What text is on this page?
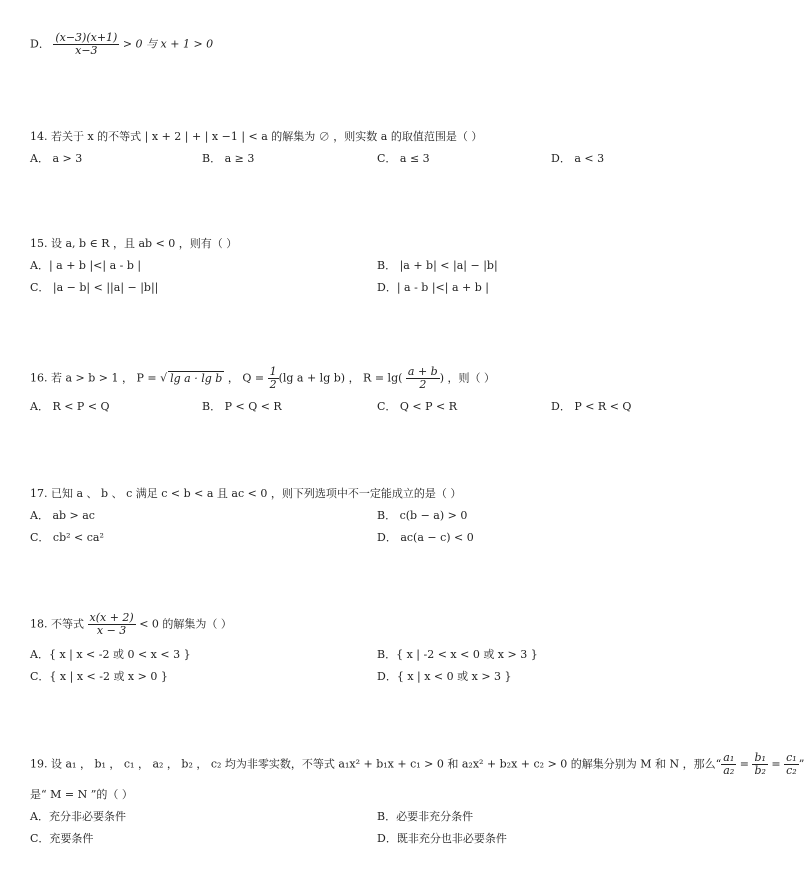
D． $\frac{(x-3)(x+1)}{x-3} > 0$ 与 x + 1 > 0
14. 若关于 x 的不等式 | x + 2 | + | x −1 | < a 的解集为 ∅ ，则实数 a 的取值范围是（ ）
A． a > 3	B． a ≥ 3	C． a ≤ 3	D． a < 3
15. 设 a, b ∈ R ，且 ab < 0 ，则有（ ）
A．| a + b |<| a - b |	B． |a + b| < |a| − |b|
C． |a − b| < ||a| − |b||	D．| a - b |<| a + b |
16. 若 a > b > 1 ， P = √ lg a · lg b ， $Q = \frac{1}{2} (\lg$ a + lg b) ， $R = \lg( \frac{a + b}{2}$ ) ，则（ ）
A． R < P < Q	B． P < Q < R	C． Q < P < R	D． P < R < Q
17. 已知 a 、 b 、 c 满足 c < b < a 且 ac < 0 ，则下列选项中不一定能成立的是（ ）
A． ab > ac	B． c(b − a) > 0
C． cb² < ca²	D． ac(a − c) < 0
18. 不等式 $\frac{x(x + 2)}{x - 3} < 0$ 的解集为（ ）
A．{ x | x < -2 或 0 < x < 3 }	B．{ x | -2 < x < 0 或 x > 3 }
C．{ x | x < -2 或 x > 0 }	D．{ x | x < 0 或 x > 3 }
19. 设 a₁ ， b₁ ， c₁ ， a₂ ， b₂ ， c₂ 均为非零实数，不等式 a₁x² + b₁x + c₁ > 0 和 a₂x² + b₂x + c₂ > 0 的解集分别为 M 和 N ，那么“ $\frac{\text{a₁}}{\text{a₂}} = \frac{\text{b₁}}{\text{b₂}} = \frac{\text{c₁}}{\text{c₂}}$ ”
是“ M = N ”的（ ）
A．充分非必要条件	B．必要非充分条件
C．充要条件	D．既非充分也非必要条件
